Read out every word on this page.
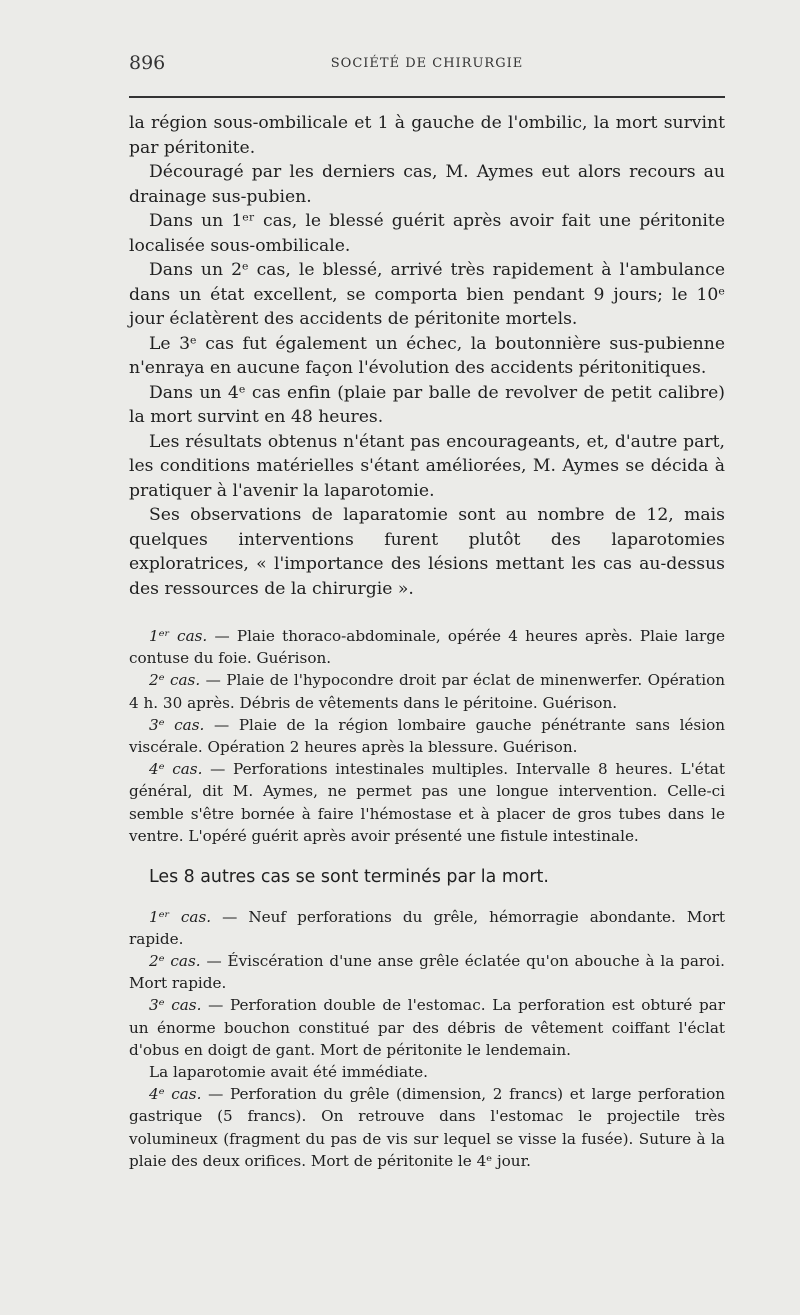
896	SOCIÉTÉ DE CHIRURGIE

la région sous-ombilicale et 1 à gauche de l'ombilic, la mort survint par péritonite.

Découragé par les derniers cas, M. Aymes eut alors recours au drainage sus-pubien.

Dans un 1ᵉʳ cas, le blessé guérit après avoir fait une péritonite localisée sous-ombilicale.

Dans un 2ᵉ cas, le blessé, arrivé très rapidement à l'ambulance dans un état excellent, se comporta bien pendant 9 jours; le 10ᵉ jour éclatèrent des accidents de péritonite mortels.

Le 3ᵉ cas fut également un échec, la boutonnière sus-pubienne n'enraya en aucune façon l'évolution des accidents péritonitiques.

Dans un 4ᵉ cas enfin (plaie par balle de revolver de petit calibre) la mort survint en 48 heures.

Les résultats obtenus n'étant pas encourageants, et, d'autre part, les conditions matérielles s'étant améliorées, M. Aymes se décida à pratiquer à l'avenir la laparotomie.

Ses observations de laparatomie sont au nombre de 12, mais quelques interventions furent plutôt des laparotomies exploratrices, « l'importance des lésions mettant les cas au-dessus des ressources de la chirurgie ».

1ᵉʳ cas. — Plaie thoraco-abdominale, opérée 4 heures après. Plaie large contuse du foie. Guérison.

2ᵉ cas. — Plaie de l'hypocondre droit par éclat de minenwerfer. Opération 4 h. 30 après. Débris de vêtements dans le péritoine. Guérison.

3ᵉ cas. — Plaie de la région lombaire gauche pénétrante sans lésion viscérale. Opération 2 heures après la blessure. Guérison.

4ᵉ cas. — Perforations intestinales multiples. Intervalle 8 heures. L'état général, dit M. Aymes, ne permet pas une longue intervention. Celle-ci semble s'être bornée à faire l'hémostase et à placer de gros tubes dans le ventre. L'opéré guérit après avoir présenté une fistule intestinale.

Les 8 autres cas se sont terminés par la mort.

1ᵉʳ cas. — Neuf perforations du grêle, hémorragie abondante. Mort rapide.

2ᵉ cas. — Éviscération d'une anse grêle éclatée qu'on abouche à la paroi. Mort rapide.

3ᵉ cas. — Perforation double de l'estomac. La perforation est obturé par un énorme bouchon constitué par des débris de vêtement coiffant l'éclat d'obus en doigt de gant. Mort de péritonite le lendemain.

La laparotomie avait été immédiate.

4ᵉ cas. — Perforation du grêle (dimension, 2 francs) et large perforation gastrique (5 francs). On retrouve dans l'estomac le projectile très volumineux (fragment du pas de vis sur lequel se visse la fusée). Suture à la plaie des deux orifices. Mort de péritonite le 4ᵉ jour.
